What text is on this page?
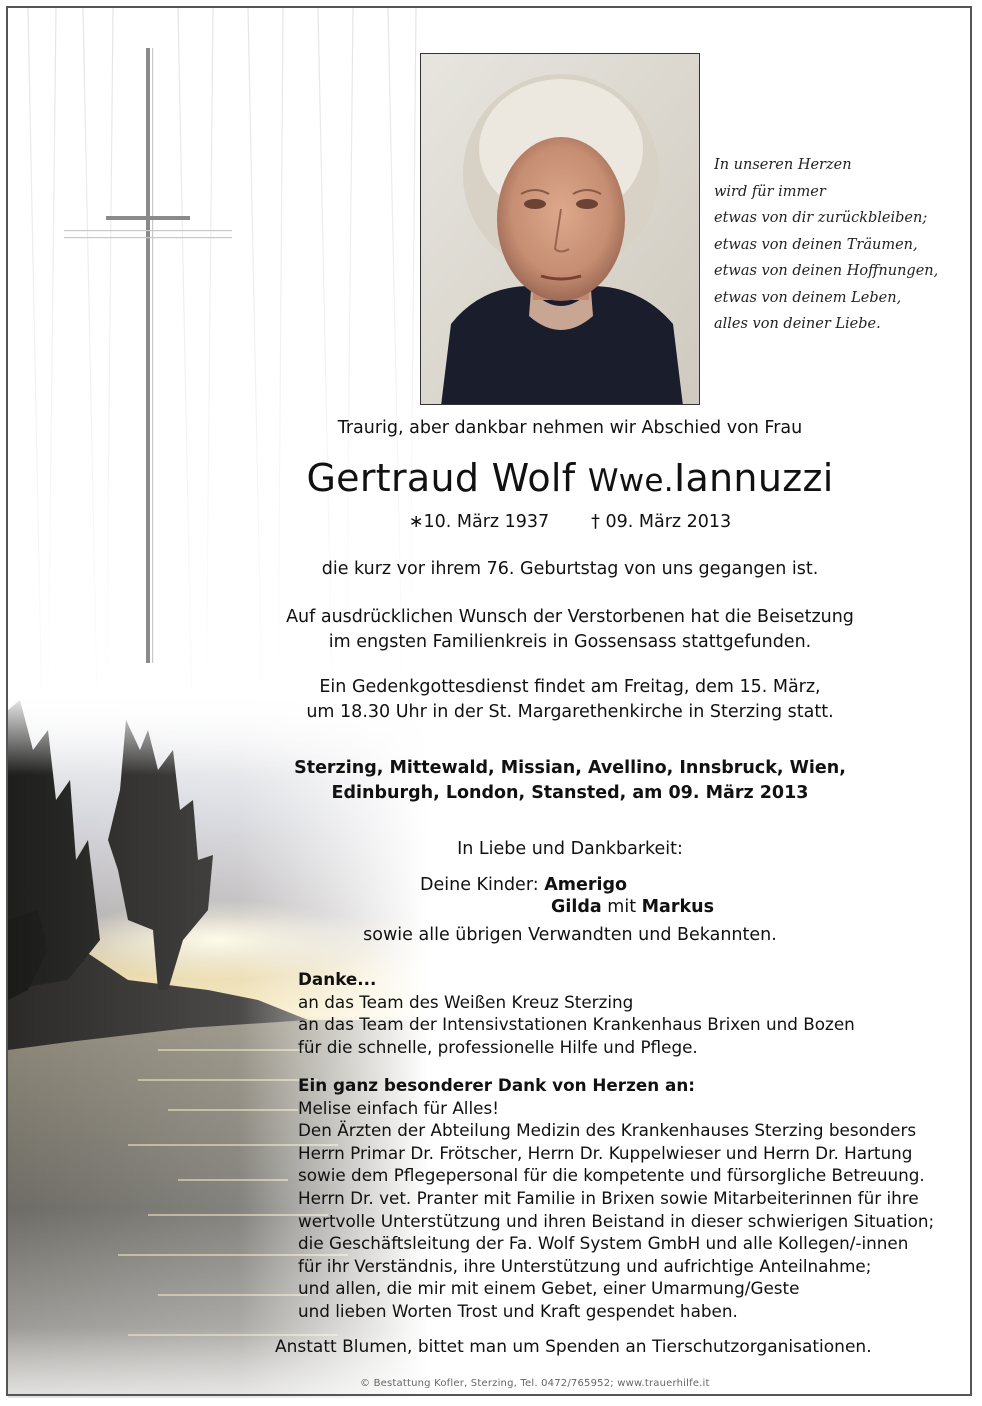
In unseren Herzen
wird für immer
etwas von dir zurückbleiben;
etwas von deinen Träumen,
etwas von deinen Hoffnungen,
etwas von deinem Leben,
alles von deiner Liebe.
Traurig, aber dankbar nehmen wir Abschied von Frau
Gertraud Wolf Wwe.Iannuzzi
∗10. März 1937 † 09. März 2013
die kurz vor ihrem 76. Geburtstag von uns gegangen ist.
Auf ausdrücklichen Wunsch der Verstorbenen hat die Beisetzung
im engsten Familienkreis in Gossensass stattgefunden.
Ein Gedenkgottesdienst findet am Freitag, dem 15. März,
um 18.30 Uhr in der St. Margarethenkirche in Sterzing statt.
Sterzing, Mittewald, Missian, Avellino, Innsbruck, Wien,
Edinburgh, London, Stansted, am 09. März 2013
In Liebe und Dankbarkeit:
Deine Kinder: Amerigo
Gilda mit Markus
sowie alle übrigen Verwandten und Bekannten.
Danke...
an das Team des Weißen Kreuz Sterzing
an das Team der Intensivstationen Krankenhaus Brixen und Bozen
für die schnelle, professionelle Hilfe und Pflege.
Ein ganz besonderer Dank von Herzen an:
Melise einfach für Alles!
Den Ärzten der Abteilung Medizin des Krankenhauses Sterzing besonders
Herrn Primar Dr. Frötscher, Herrn Dr. Kuppelwieser und Herrn Dr. Hartung
sowie dem Pflegepersonal für die kompetente und fürsorgliche Betreuung.
Herrn Dr. vet. Pranter mit Familie in Brixen sowie Mitarbeiterinnen für ihre
wertvolle Unterstützung und ihren Beistand in dieser schwierigen Situation;
die Geschäftsleitung der Fa. Wolf System GmbH und alle Kollegen/-innen
für ihr Verständnis, ihre Unterstützung und aufrichtige Anteilnahme;
und allen, die mir mit einem Gebet, einer Umarmung/Geste
und lieben Worten Trost und Kraft gespendet haben.
Anstatt Blumen, bittet man um Spenden an Tierschutzorganisationen.
© Bestattung Kofler, Sterzing, Tel. 0472/765952; www.trauerhilfe.it
